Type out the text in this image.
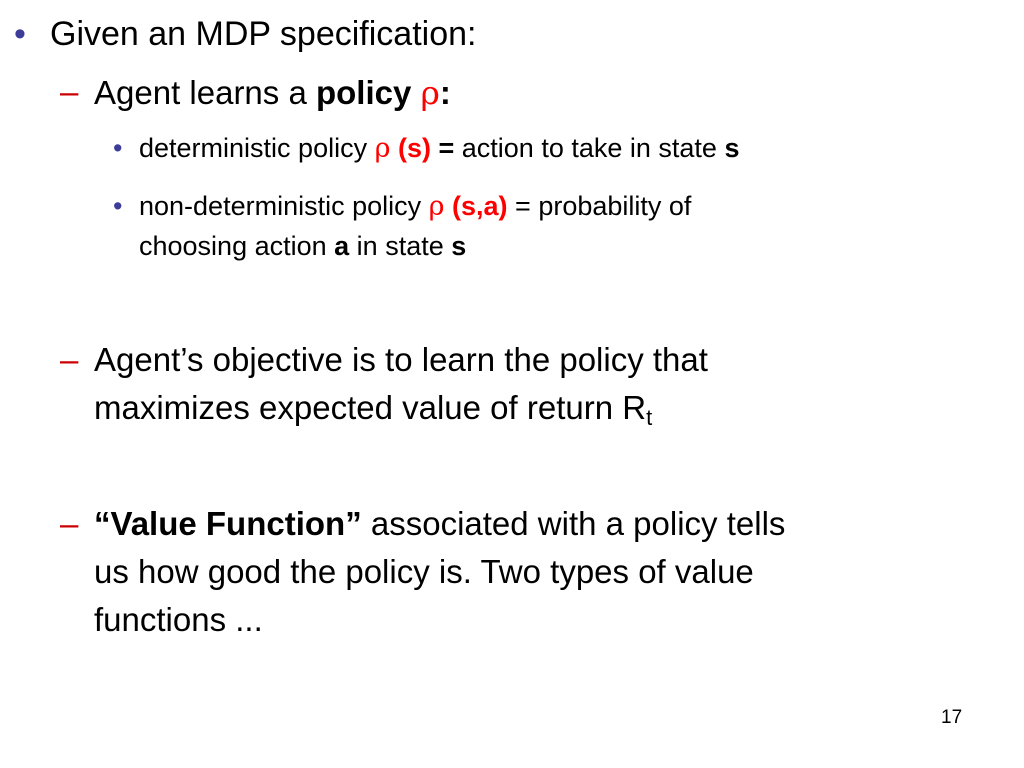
• Given an MDP specification:
– Agent learns a policy ρ:
• deterministic policy ρ (s) = action to take in state s
• non-deterministic policy ρ (s,a) = probability of
choosing action a in state s
– Agent’s objective is to learn the policy that
maximizes expected value of return $R_t$
– “Value Function” associated with a policy tells
us how good the policy is. Two types of value
functions ...
17
